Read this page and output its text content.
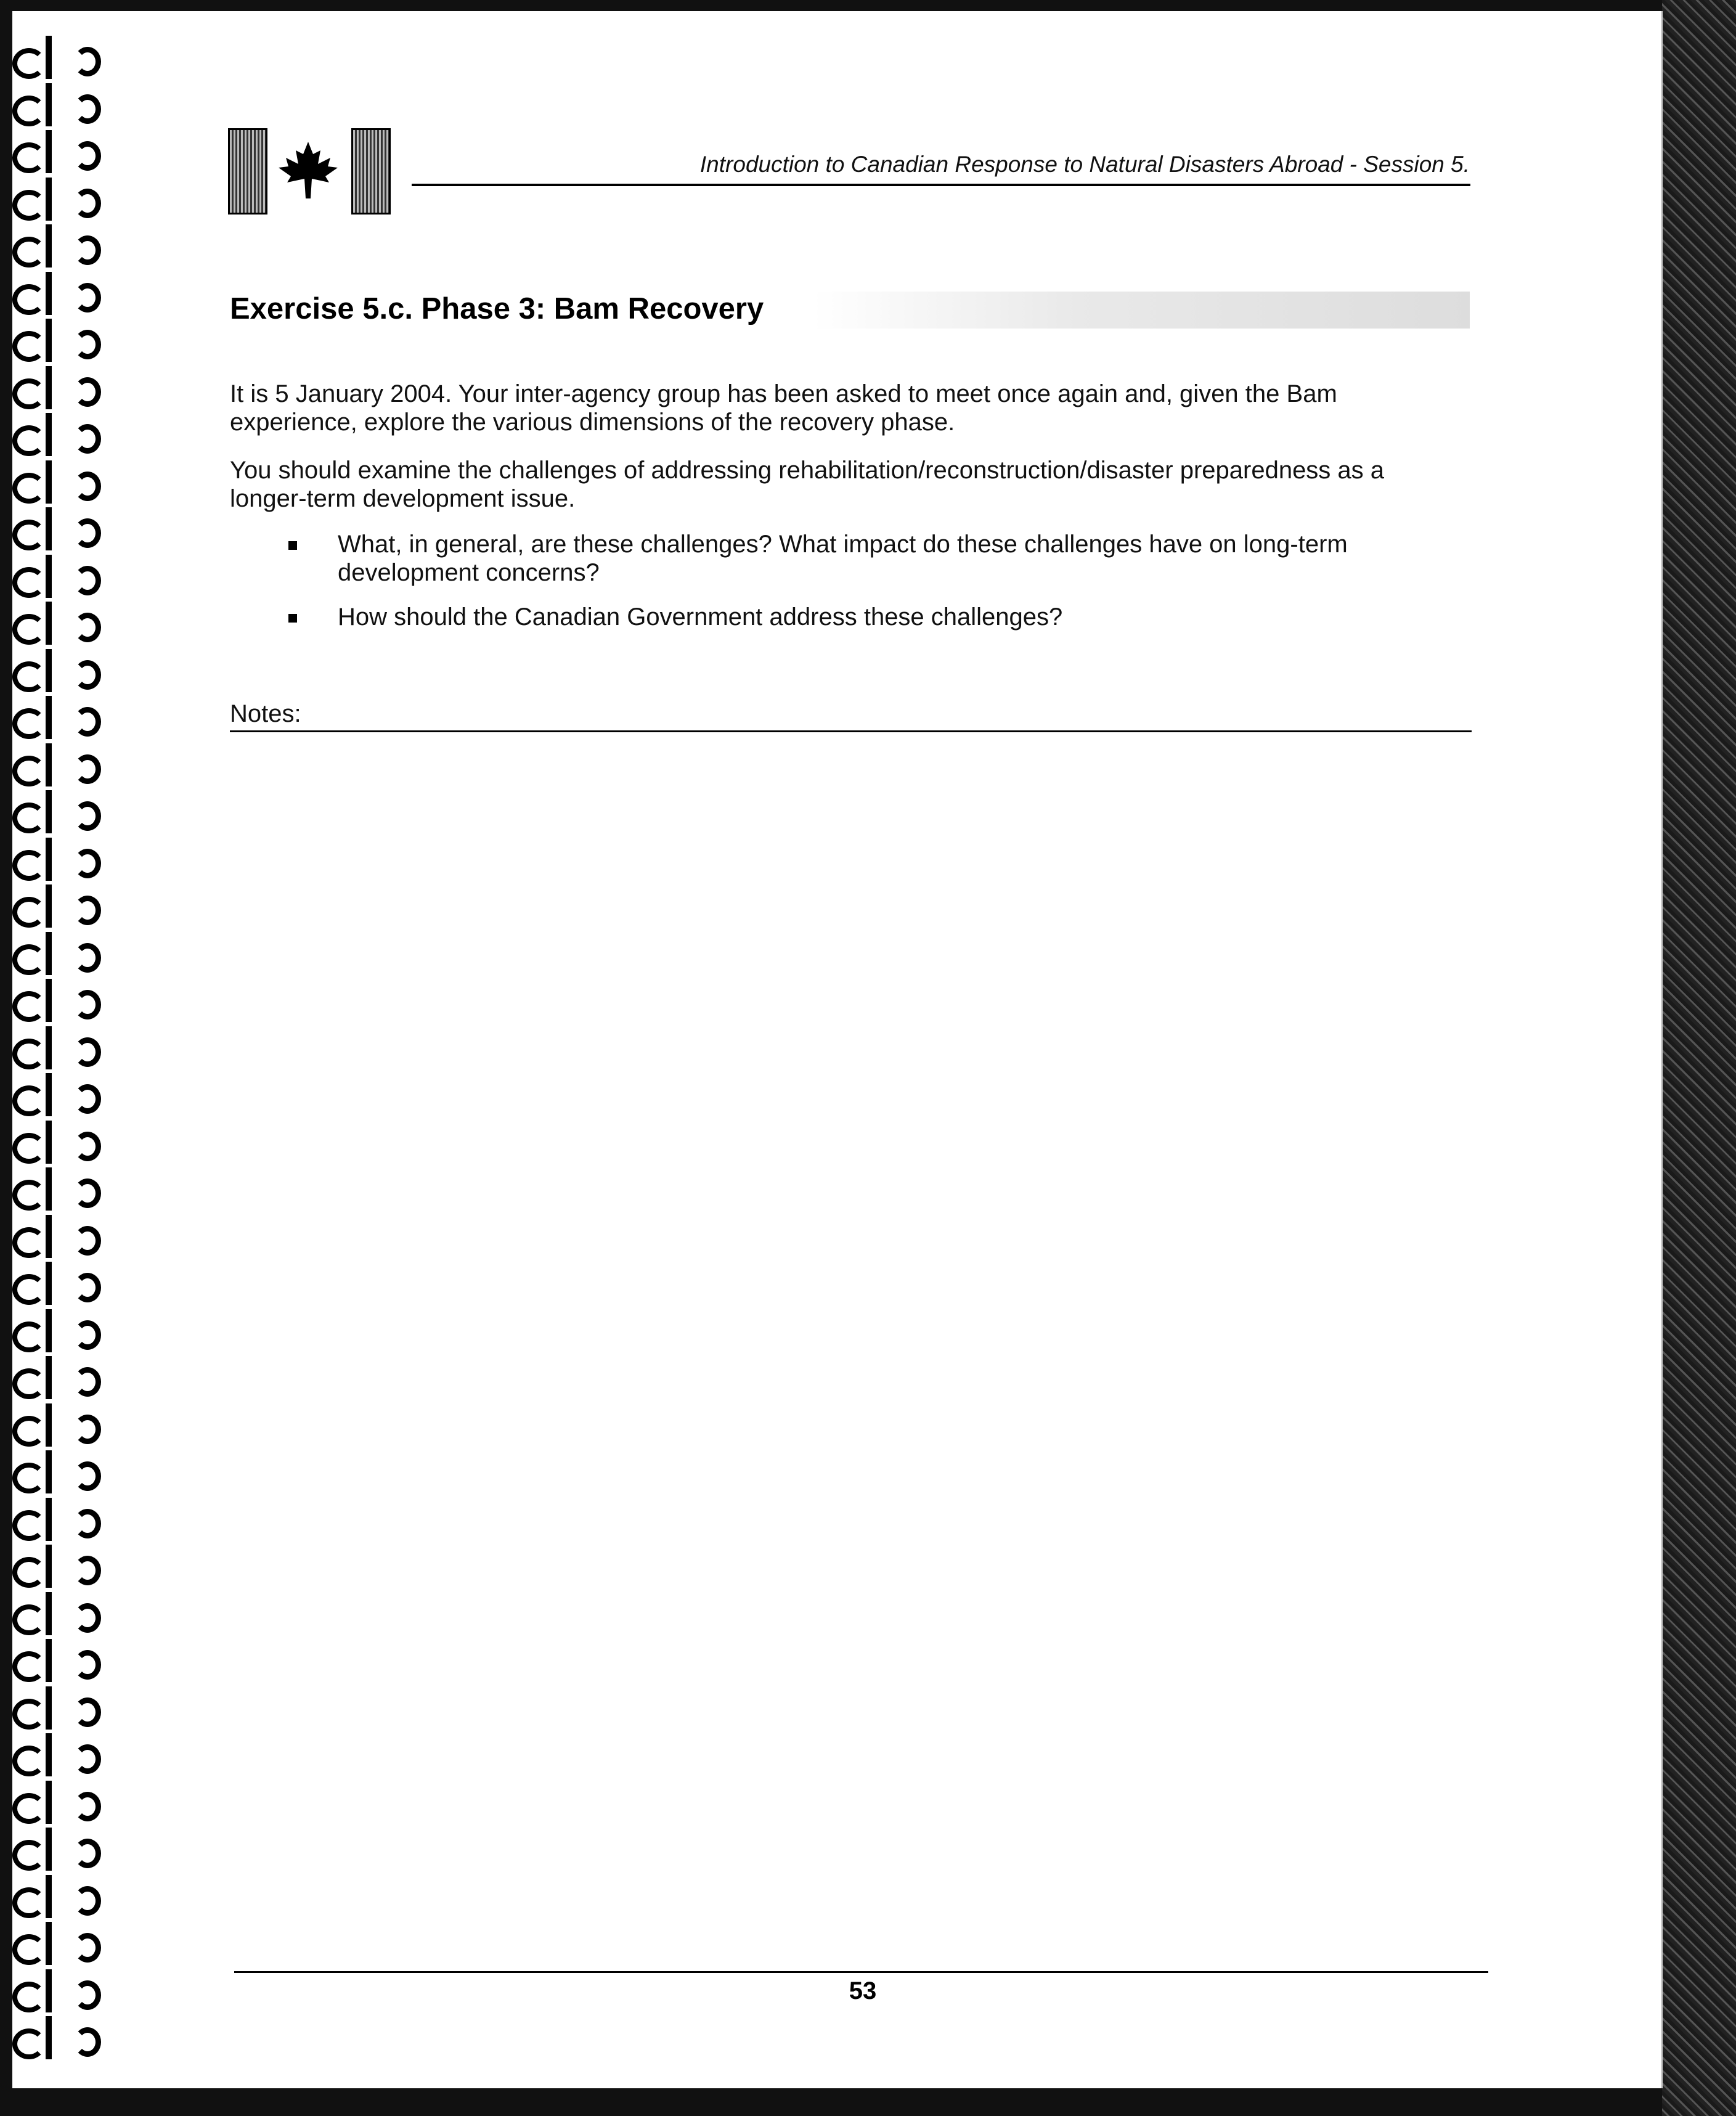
Introduction to Canadian Response to Natural Disasters Abroad - Session 5.
Exercise 5.c. Phase 3: Bam Recovery
It is 5 January 2004. Your inter-agency group has been asked to meet once again and, given the Bam experience, explore the various dimensions of the recovery phase.
You should examine the challenges of addressing rehabilitation/reconstruction/disaster preparedness as a longer-term development issue.
What, in general, are these challenges? What impact do these challenges have on long-term development concerns?
How should the Canadian Government address these challenges?
Notes:
53
